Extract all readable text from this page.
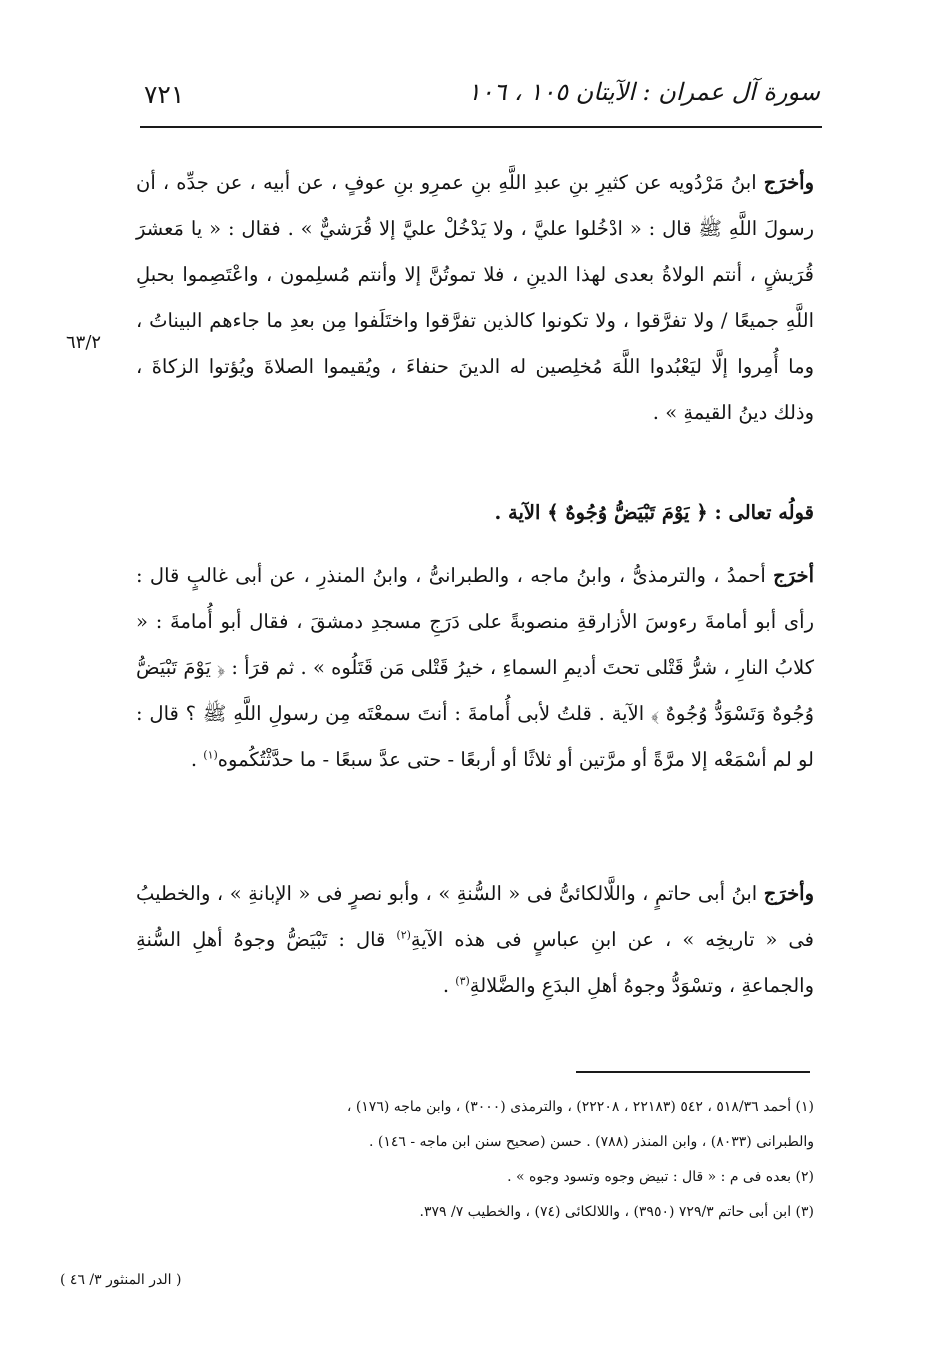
٧٢١	سورة آل عمران : الآيتان ١٠٥ ، ١٠٦
٦٣/٢

وأخرَج ابنُ مَرْدُويه عن كثيرِ بنِ عبدِ اللَّهِ بنِ عمرِو بنِ عوفٍ ، عن أبيه ، عن جدِّه ، أن رسولَ اللَّهِ ﷺ قال : « ادْخُلوا عليَّ ، ولا يَدْخُلْ عليَّ إلا قُرَشيٌّ » . فقال : « يا مَعشرَ قُرَيشٍ ، أنتم الولاةُ بعدى لهذا الدينِ ، فلا تموتُنَّ إلا وأنتم مُسلِمون ، واعْتَصِموا بحبلِ اللَّهِ جميعًا / ولا تفرَّقوا ، ولا تكونوا كالذين تفرَّقوا واختَلَفوا مِن بعدِ ما جاءهم البيناتُ ، وما أُمِروا إلَّا ليَعْبُدوا اللَّهَ مُخلِصين له الدينَ حنفاءَ ، ويُقيموا الصلاةَ ويُؤتوا الزكاةَ ، وذلك دينُ القيمةِ » .

قولُه تعالى : ﴿ يَوْمَ تَبْيَضُّ وُجُوهٌ ﴾ الآية .

أخرَج أحمدُ ، والترمذىُّ ، وابنُ ماجه ، والطبرانىُّ ، وابنُ المنذرِ ، عن أبى غالبٍ قال : رأى أبو أمامةَ رءوسَ الأزارقةِ منصوبةً على دَرَجِ مسجدِ دمشقَ ، فقال أبو أُمامةَ : « كلابُ النارِ ، شرُّ قَتْلى تحتَ أديمِ السماءِ ، خيرُ قَتْلى مَن قَتَلُوه » . ثم قرَأ : ﴿ يَوْمَ تَبْيَضُّ وُجُوهٌ وَتَسْوَدُّ وُجُوهٌ ﴾ الآية . قلتُ لأبى أُمامةَ : أنتَ سمعْتَه مِن رسولِ اللَّهِ ﷺ ؟ قال : لو لم أسْمَعْه إلا مرَّةً أو مرَّتين أو ثلاثًا أو أربعًا - حتى عدَّ سبعًا - ما حدَّثْتُكُموه$^{(١)}$ .

وأخرَج ابنُ أبى حاتمٍ ، واللَّالكائىُّ فى « السُّنةِ » ، وأبو نصرٍ فى « الإبانةِ » ، والخطيبُ فى « تاريخِه » ، عن ابنِ عباسٍ فى هذه الآيةِ$^{(٢)}$ قال : تَبْيَضُّ وجوهُ أهلِ السُّنةِ والجماعةِ ، وتسْوَدُّ وجوهُ أهلِ البدَعِ والضَّلالةِ$^{(٣)}$ .

(١) أحمد ٥١٨/٣٦ ، ٥٤٢ (٢٢١٨٣ ، ٢٢٢٠٨) ، والترمذى (٣٠٠٠) ، وابن ماجه (١٧٦) ،
والطبرانى (٨٠٣٣) ، وابن المنذر (٧٨٨) . حسن (صحيح سنن ابن ماجه - ١٤٦) .
(٢) بعده فى م : « قال : تبيض وجوه وتسود وجوه » .
(٣) ابن أبى حاتم ٧٢٩/٣ (٣٩٥٠) ، واللالكائى (٧٤) ، والخطيب ٧/ ٣٧٩.
( الدر المنثور ٣/ ٤٦ )
